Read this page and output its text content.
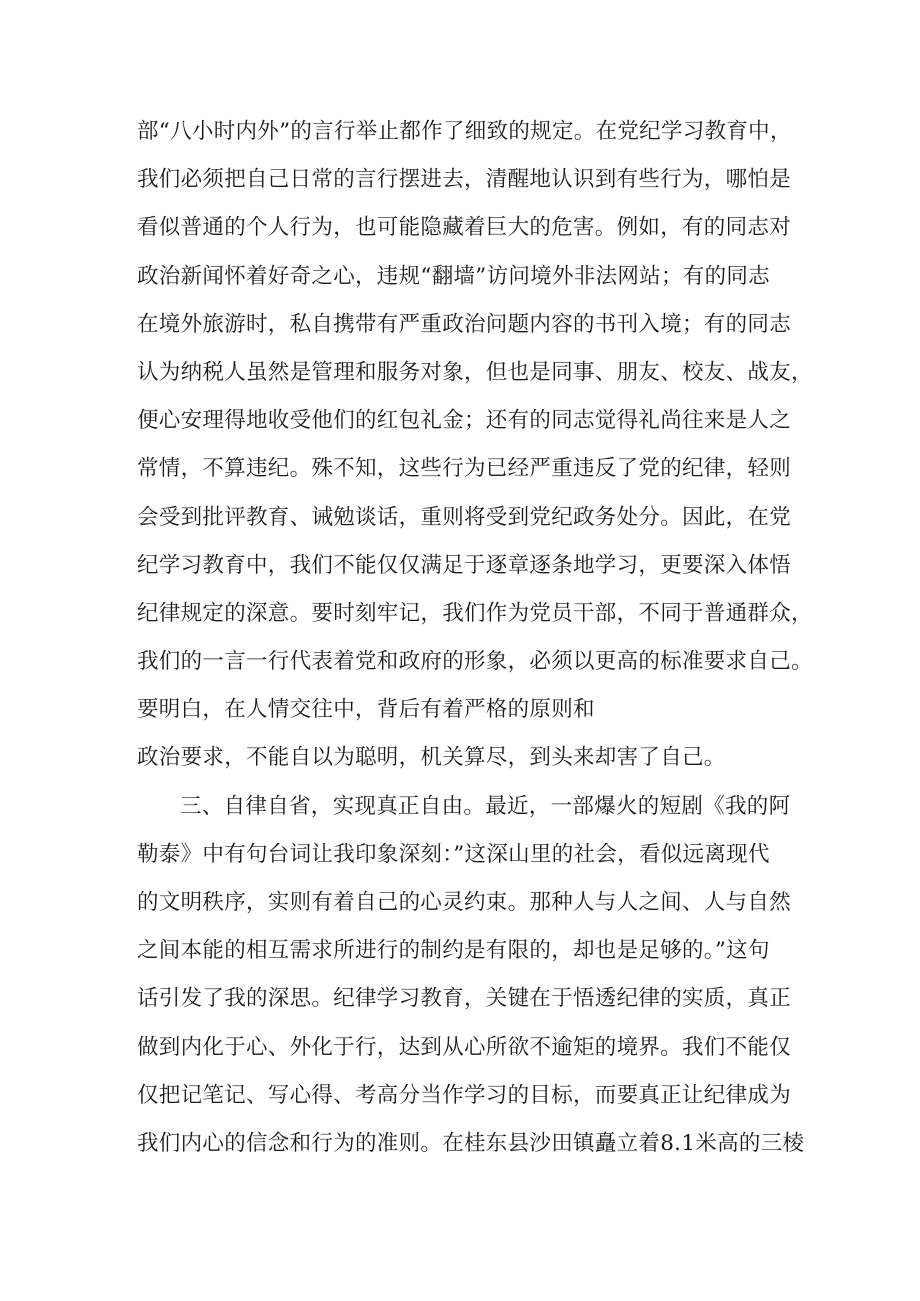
部“八小时内外”的言行举止都作了细致的规定。在党纪学习教育中，
我们必须把自己日常的言行摆进去，清醒地认识到有些行为，哪怕是
看似普通的个人行为，也可能隐藏着巨大的危害。例如，有的同志对
政治新闻怀着好奇之心，违规“翻墙”访问境外非法网站；有的同志
在境外旅游时，私自携带有严重政治问题内容的书刊入境；有的同志
认为纳税人虽然是管理和服务对象，但也是同事、朋友、校友、战友，
便心安理得地收受他们的红包礼金；还有的同志觉得礼尚往来是人之
常情，不算违纪。殊不知，这些行为已经严重违反了党的纪律，轻则
会受到批评教育、诫勉谈话，重则将受到党纪政务处分。因此，在党
纪学习教育中，我们不能仅仅满足于逐章逐条地学习，更要深入体悟
纪律规定的深意。要时刻牢记，我们作为党员干部，不同于普通群众，
我们的一言一行代表着党和政府的形象，必须以更高的标准要求自己。
要明白，在人情交往中，背后有着严格的原则和
政治要求，不能自以为聪明，机关算尽，到头来却害了自己。
三、自律自省，实现真正自由。最近，一部爆火的短剧《我的阿
勒泰》中有句台词让我印象深刻：”这深山里的社会，看似远离现代
的文明秩序，实则有着自己的心灵约束。那种人与人之间、人与自然
之间本能的相互需求所进行的制约是有限的，却也是足够的。”这句
话引发了我的深思。纪律学习教育，关键在于悟透纪律的实质，真正
做到内化于心、外化于行，达到从心所欲不逾矩的境界。我们不能仅
仅把记笔记、写心得、考高分当作学习的目标，而要真正让纪律成为
我们内心的信念和行为的准则。在桂东县沙田镇矗立着8.1米高的三棱
